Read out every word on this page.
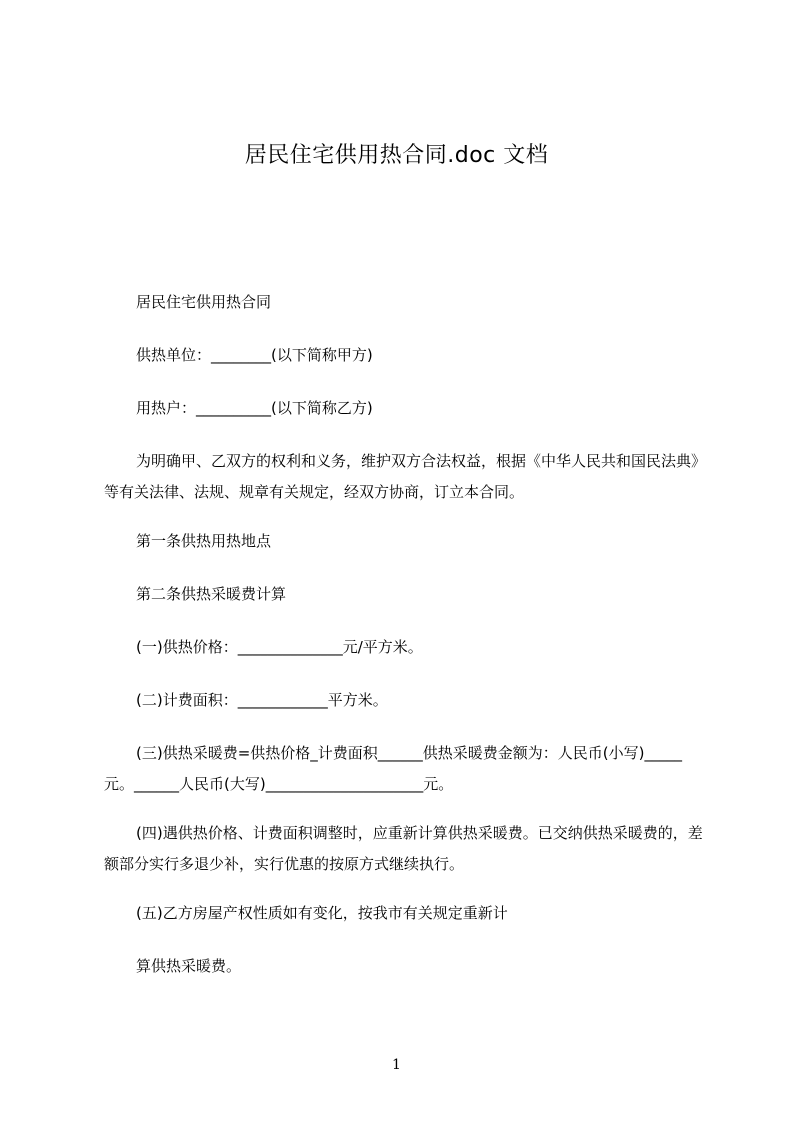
居民住宅供用热合同.doc 文档

居民住宅供用热合同

供热单位：________(以下简称甲方)

用热户：__________(以下简称乙方)

为明确甲、乙双方的权利和义务，维护双方合法权益，根据《中华人民共和国民法典》等有关法律、法规、规章有关规定，经双方协商，订立本合同。

第一条供热用热地点

第二条供热采暖费计算

(一)供热价格：______________元/平方米。

(二)计费面积：____________平方米。

(三)供热采暖费=供热价格_计费面积______供热采暖费金额为：人民币(小写)_____元。______人民币(大写)_____________________元。

(四)遇供热价格、计费面积调整时，应重新计算供热采暖费。已交纳供热采暖费的，差额部分实行多退少补，实行优惠的按原方式继续执行。

(五)乙方房屋产权性质如有变化，按我市有关规定重新计

算供热采暖费。

1
